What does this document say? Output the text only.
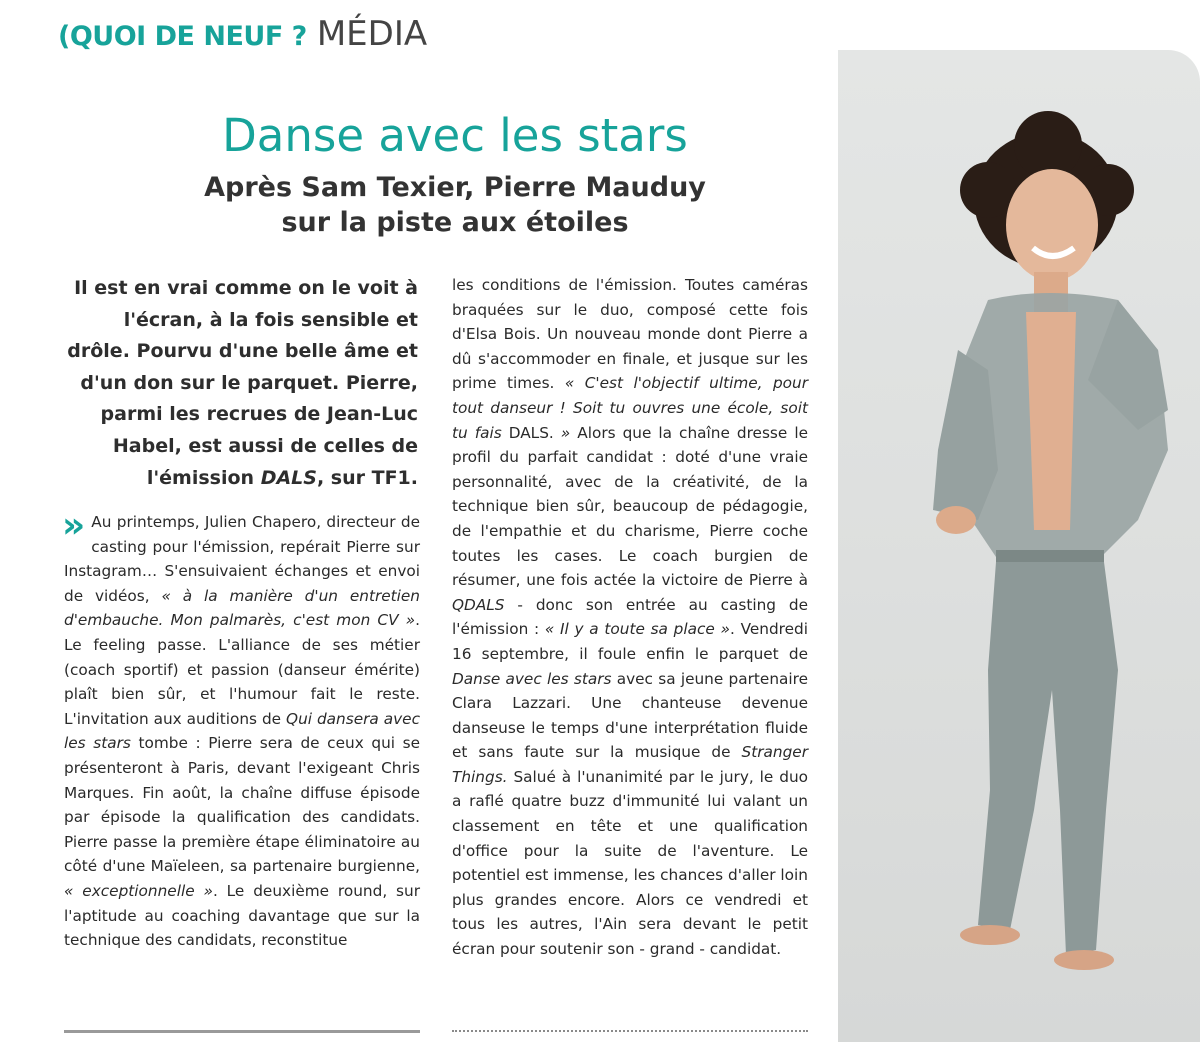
(QUOI DE NEUF ? MÉDIA
Danse avec les stars
Après Sam Texier, Pierre Mauduy
sur la piste aux étoiles

Il est en vrai comme on le voit à l'écran, à la fois sensible et drôle. Pourvu d'une belle âme et d'un don sur le parquet. Pierre, parmi les recrues de Jean-Luc Habel, est aussi de celles de l'émission DALS, sur TF1.

» Au printemps, Julien Chapero, directeur de casting pour l'émission, repérait Pierre sur Instagram… S'ensuivaient échanges et envoi de vidéos, « à la manière d'un entretien d'embauche. Mon palmarès, c'est mon CV ». Le feeling passe. L'alliance de ses métier (coach sportif) et passion (danseur émérite) plaît bien sûr, et l'humour fait le reste. L'invitation aux auditions de Qui dansera avec les stars tombe : Pierre sera de ceux qui se présenteront à Paris, devant l'exigeant Chris Marques. Fin août, la chaîne diffuse épisode par épisode la qualification des candidats. Pierre passe la première étape éliminatoire au côté d'une Maïeleen, sa partenaire burgienne, « exceptionnelle ». Le deuxième round, sur l'aptitude au coaching davantage que sur la technique des candidats, reconstitue

les conditions de l'émission. Toutes caméras braquées sur le duo, composé cette fois d'Elsa Bois. Un nouveau monde dont Pierre a dû s'accommoder en finale, et jusque sur les prime times. « C'est l'objectif ultime, pour tout danseur ! Soit tu ouvres une école, soit tu fais DALS. » Alors que la chaîne dresse le profil du parfait candidat : doté d'une vraie personnalité, avec de la créativité, de la technique bien sûr, beaucoup de pédagogie, de l'empathie et du charisme, Pierre coche toutes les cases. Le coach burgien de résumer, une fois actée la victoire de Pierre à QDALS - donc son entrée au casting de l'émission : « Il y a toute sa place ». Vendredi 16 septembre, il foule enfin le parquet de Danse avec les stars avec sa jeune partenaire Clara Lazzari. Une chanteuse devenue danseuse le temps d'une interprétation fluide et sans faute sur la musique de Stranger Things. Salué à l'unanimité par le jury, le duo a raflé quatre buzz d'immunité lui valant un classement en tête et une qualification d'office pour la suite de l'aventure. Le potentiel est immense, les chances d'aller loin plus grandes encore. Alors ce vendredi et tous les autres, l'Ain sera devant le petit écran pour soutenir son - grand - candidat.
